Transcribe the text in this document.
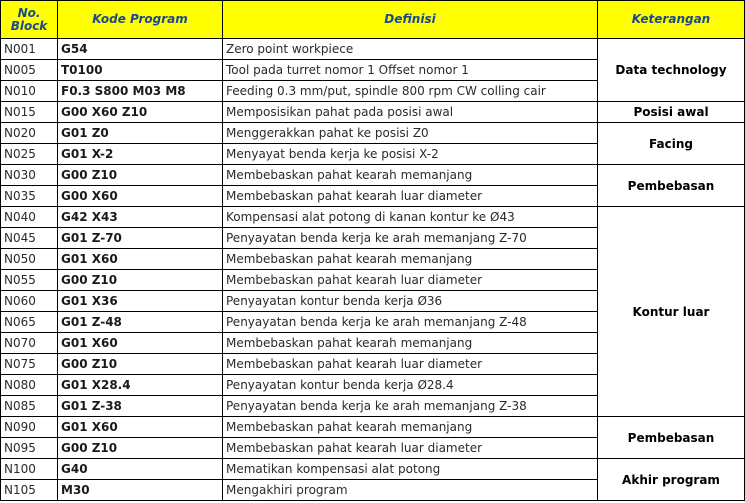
No.
Block	Kode Program	Definisi	Keterangan
N001	G54	Zero point workpiece	Data technology
N005	T0100	Tool pada turret nomor 1 Offset nomor 1	
N010	F0.3 S800 M03 M8	Feeding 0.3 mm/put, spindle 800 rpm CW colling cair	
N015	G00 X60 Z10	Memposisikan pahat pada posisi awal	Posisi awal
N020	G01 Z0	Menggerakkan pahat ke posisi Z0	Facing
N025	G01 X-2	Menyayat benda kerja ke posisi X-2	
N030	G00 Z10	Membebaskan pahat kearah memanjang	Pembebasan
N035	G00 X60	Membebaskan pahat kearah luar diameter	
N040	G42 X43	Kompensasi alat potong di kanan kontur ke Ø43	Kontur luar
N045	G01 Z-70	Penyayatan benda kerja ke arah memanjang Z-70	
N050	G01 X60	Membebaskan pahat kearah memanjang	
N055	G00 Z10	Membebaskan pahat kearah luar diameter	
N060	G01 X36	Penyayatan kontur benda kerja Ø36	
N065	G01 Z-48	Penyayatan benda kerja ke arah memanjang Z-48	
N070	G01 X60	Membebaskan pahat kearah memanjang	
N075	G00 Z10	Membebaskan pahat kearah luar diameter	
N080	G01 X28.4	Penyayatan kontur benda kerja Ø28.4	
N085	G01 Z-38	Penyayatan benda kerja ke arah memanjang Z-38	
N090	G01 X60	Membebaskan pahat kearah memanjang	Pembebasan
N095	G00 Z10	Membebaskan pahat kearah luar diameter	
N100	G40	Mematikan kompensasi alat potong	Akhir program
N105	M30	Mengakhiri program	
